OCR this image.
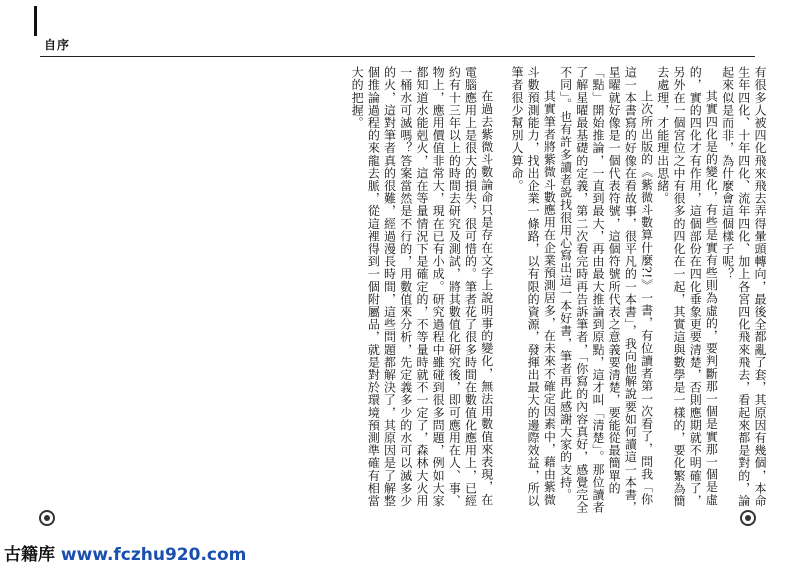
自序

有很多人被四化飛來飛去弄得暈頭轉向，最後全都亂了套，其原因有幾個，本命生年四化、十年四化、流年四化、加上各宮四化飛來飛去，看起來都是對的，論起來似是而非，為什麼會這個樣子呢？

其實四化是的變化，有些是實有些則為虛的，要判斷那一個是實那一個是虛的，實的四化才有作用，這個部份在四化垂象更要清楚，否則應期就不明確了，另外在一個宮位之中有很多的四化在一起，其實這與數學是一樣的，要化繁為簡去處理，才能理出思緒。

上次所出版的《紫微斗數算什麼?!》一書，有位讀者第一次看了，問我「你這一本書寫的好像在看故事，很平凡的一本書」，我向他解說要如何讀這一本書，星曜就好像是一個代表符號，這個符號所代表之意義要清楚，要能從最簡單的「點」開始推論，一直到最大，再由最大推論到原點，這才叫「清楚」。那位讀者了解星曜最基礎的定義，第二次看完時再告訴筆者，「你寫的內容真好，感覺完全不同」。也有許多讀者說找很用心寫出這一本好書，筆者再此感謝大家的支持。

其實筆者將紫微斗數應用在企業預測居多，在未來不確定因素中，藉由紫微斗數預測能力，找出企業一條路，以有限的資源，發揮出最大的邊際效益，所以筆者很少幫別人算命。

在過去紫微斗數論命只是存在文字上說明事的變化，無法用數值來表現，在電腦應用上是很大的損失，很可惜的。筆者花了很多時間在數值化應用上，已經約有十三年以上的時間去研究及測試，將其數值化研究後，即可應用在人、事、物上，應用價值非常大，現在已有小成。研究過程中雖碰到很多問題，例如大家都知道水能剋火，這在等量情況下是確定的，不等量時就不一定了，森林大火用一桶水可滅嗎？答案當然是不行的，用數值來分析，先定義多少的水可以滅多少的火，這對筆者真的很難，經過漫長時間，這些問題都解決了，其原因是了解整個推論過程的來龍去脈，從這裡得到一個附屬品，就是對於環境預測準確有相當大的把握。

古籍库 www.fczhu920.com
